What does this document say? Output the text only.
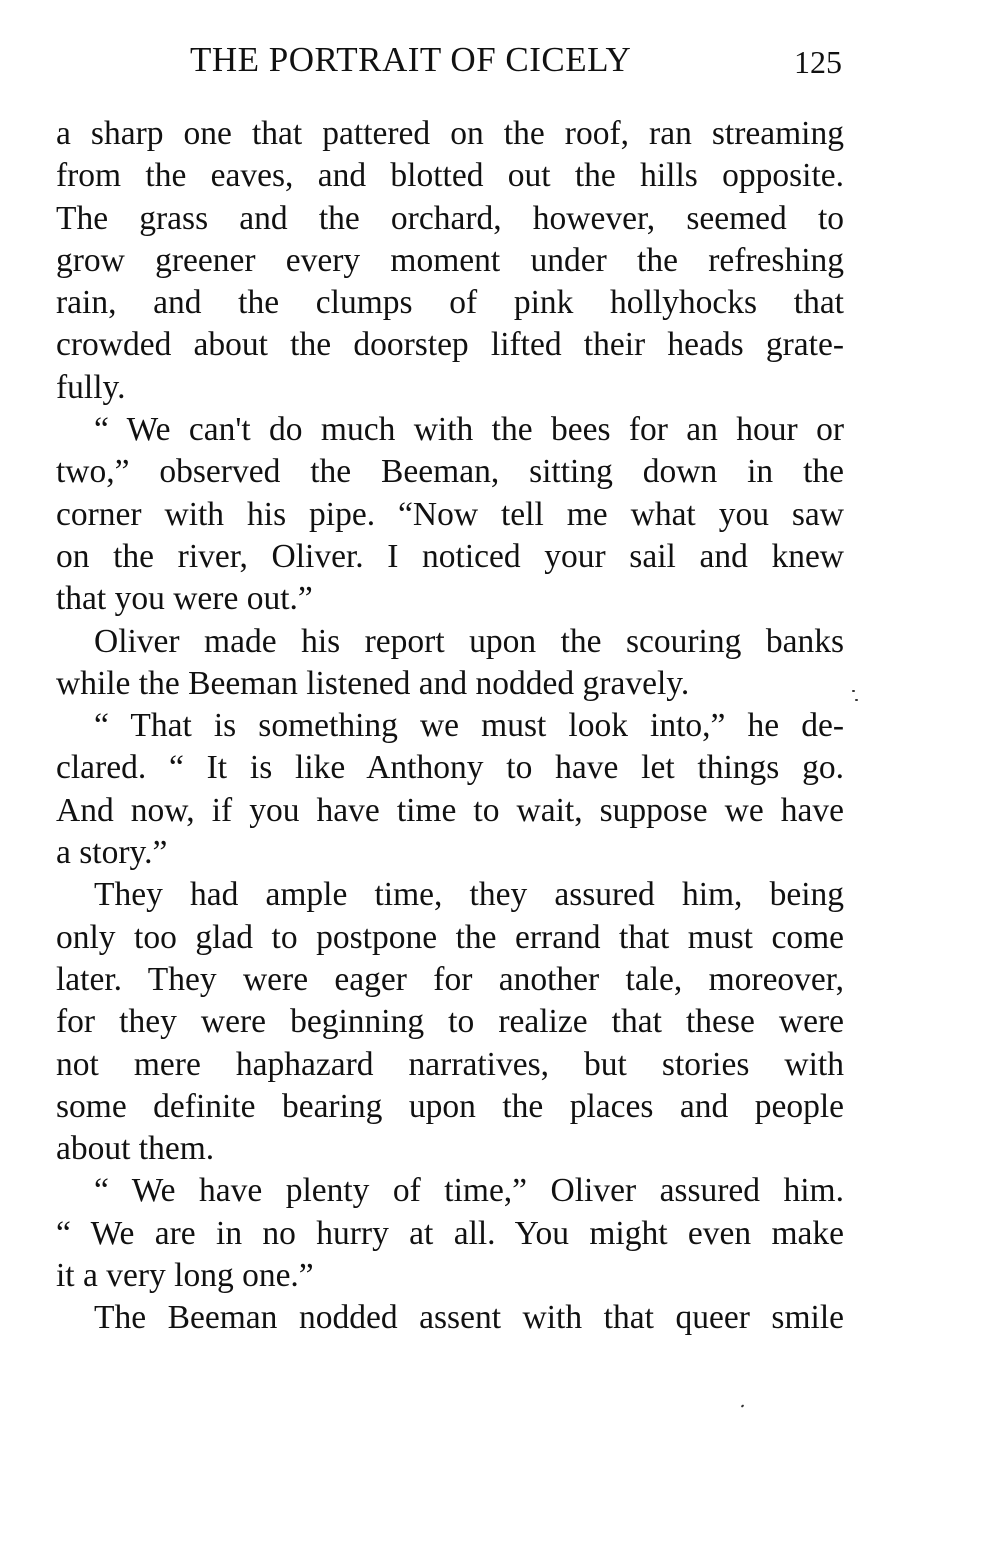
THE PORTRAIT OF CICELY	125
a sharp one that pattered on the roof, ran streaming
from the eaves, and blotted out the hills opposite.
The grass and the orchard, however, seemed to
grow greener every moment under the refreshing
rain, and the clumps of pink hollyhocks that
crowded about the doorstep lifted their heads grate-
fully.
“ We can't do much with the bees for an hour or
two,” observed the Beeman, sitting down in the
corner with his pipe. “Now tell me what you saw
on the river, Oliver. I noticed your sail and knew
that you were out.”
Oliver made his report upon the scouring banks
while the Beeman listened and nodded gravely.
“ That is something we must look into,” he de-
clared. “ It is like Anthony to have let things go.
And now, if you have time to wait, suppose we have
a story.”
They had ample time, they assured him, being
only too glad to postpone the errand that must come
later. They were eager for another tale, moreover,
for they were beginning to realize that these were
not mere haphazard narratives, but stories with
some definite bearing upon the places and people
about them.
“ We have plenty of time,” Oliver assured him.
“ We are in no hurry at all. You might even make
it a very long one.”
The Beeman nodded assent with that queer smile
